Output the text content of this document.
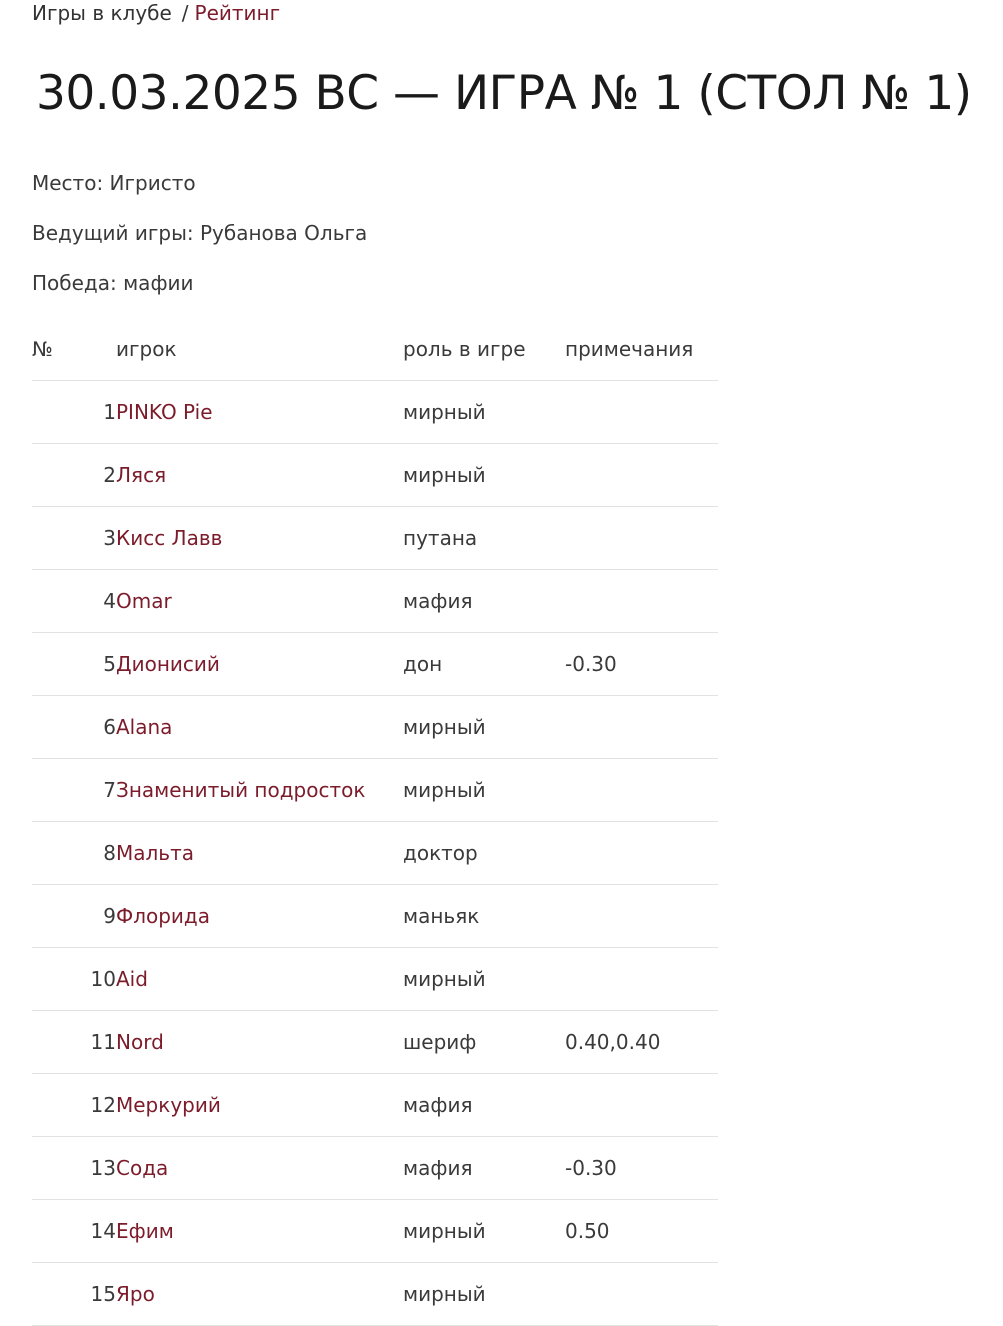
Игры в клубе / Рейтинг
30.03.2025 ВС — ИГРА № 1 (СТОЛ № 1)
Место: Игристо
Ведущий игры: Рубанова Ольга
Победа: мафии
№	игрок	роль в игре	примечания
1	PINKO Pie	мирный	
2	Ляся	мирный	
3	Кисс Лавв	путана	
4	Omar	мафия	
5	Дионисий	дон	-0.30
6	Alana	мирный	
7	Знаменитый подросток	мирный	
8	Мальта	доктор	
9	Флорида	маньяк	
10	Aid	мирный	
11	Nord	шериф	0.40,0.40
12	Меркурий	мафия	
13	Сода	мафия	-0.30
14	Ефим	мирный	0.50
15	Яро	мирный	
